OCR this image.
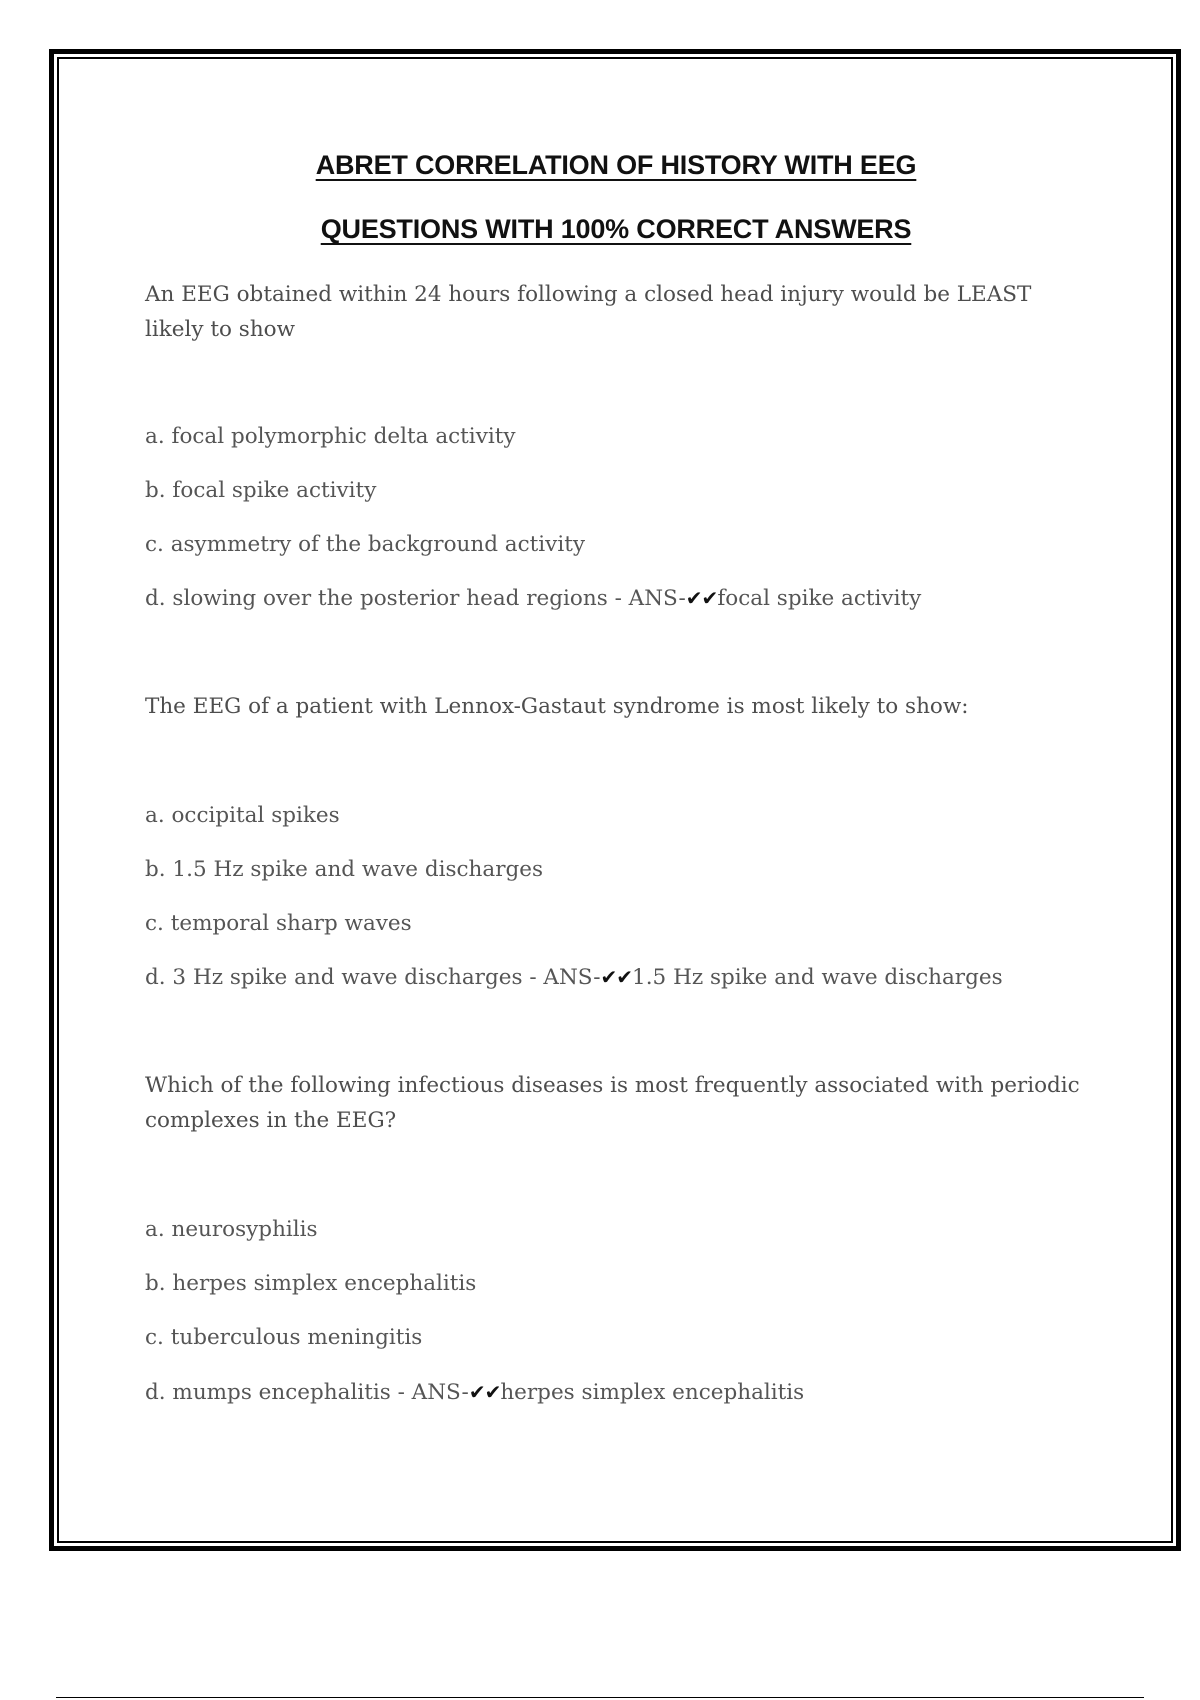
ABRET CORRELATION OF HISTORY WITH EEG
QUESTIONS WITH 100% CORRECT ANSWERS
An EEG obtained within 24 hours following a closed head injury would be LEAST likely to show
a. focal polymorphic delta activity
b. focal spike activity
c. asymmetry of the background activity
d. slowing over the posterior head regions - ANS-✔✔focal spike activity
The EEG of a patient with Lennox-Gastaut syndrome is most likely to show:
a. occipital spikes
b. 1.5 Hz spike and wave discharges
c. temporal sharp waves
d. 3 Hz spike and wave discharges - ANS-✔✔1.5 Hz spike and wave discharges
Which of the following infectious diseases is most frequently associated with periodic complexes in the EEG?
a. neurosyphilis
b. herpes simplex encephalitis
c. tuberculous meningitis
d. mumps encephalitis - ANS-✔✔herpes simplex encephalitis
